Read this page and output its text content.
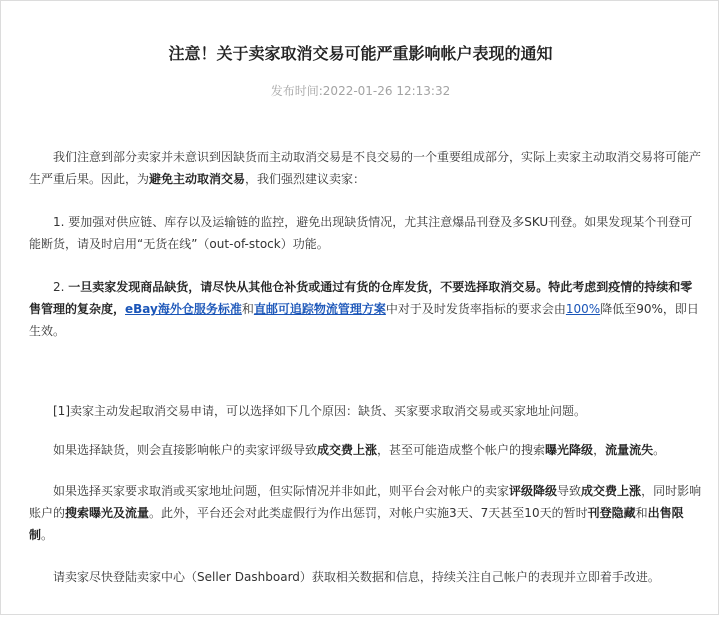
注意！关于卖家取消交易可能严重影响帐户表现的通知
发布时间:2022-01-26 12:13:32

我们注意到部分卖家并未意识到因缺货而主动取消交易是不良交易的一个重要组成部分，实际上卖家主动取消交易将可能产生严重后果。因此，为避免主动取消交易，我们强烈建议卖家：

1. 要加强对供应链、库存以及运输链的监控，避免出现缺货情况，尤其注意爆品刊登及多SKU刊登。如果发现某个刊登可能断货，请及时启用“无货在线”（out-of-stock）功能。

2. 一旦卖家发现商品缺货，请尽快从其他仓补货或通过有货的仓库发货，不要选择取消交易。特此考虑到疫情的持续和零售管理的复杂度，eBay海外仓服务标准和直邮可追踪物流管理方案中对于及时发货率指标的要求会由100%降低至90%，即日生效。

[1]卖家主动发起取消交易申请，可以选择如下几个原因：缺货、买家要求取消交易或买家地址问题。

如果选择缺货，则会直接影响帐户的卖家评级导致成交费上涨，甚至可能造成整个帐户的搜索曝光降级，流量流失。

如果选择买家要求取消或买家地址问题，但实际情况并非如此，则平台会对帐户的卖家评级降级导致成交费上涨，同时影响账户的搜索曝光及流量。此外，平台还会对此类虚假行为作出惩罚，对帐户实施3天、7天甚至10天的暂时刊登隐藏和出售限制。

请卖家尽快登陆卖家中心（Seller Dashboard）获取相关数据和信息，持续关注自己帐户的表现并立即着手改进。
